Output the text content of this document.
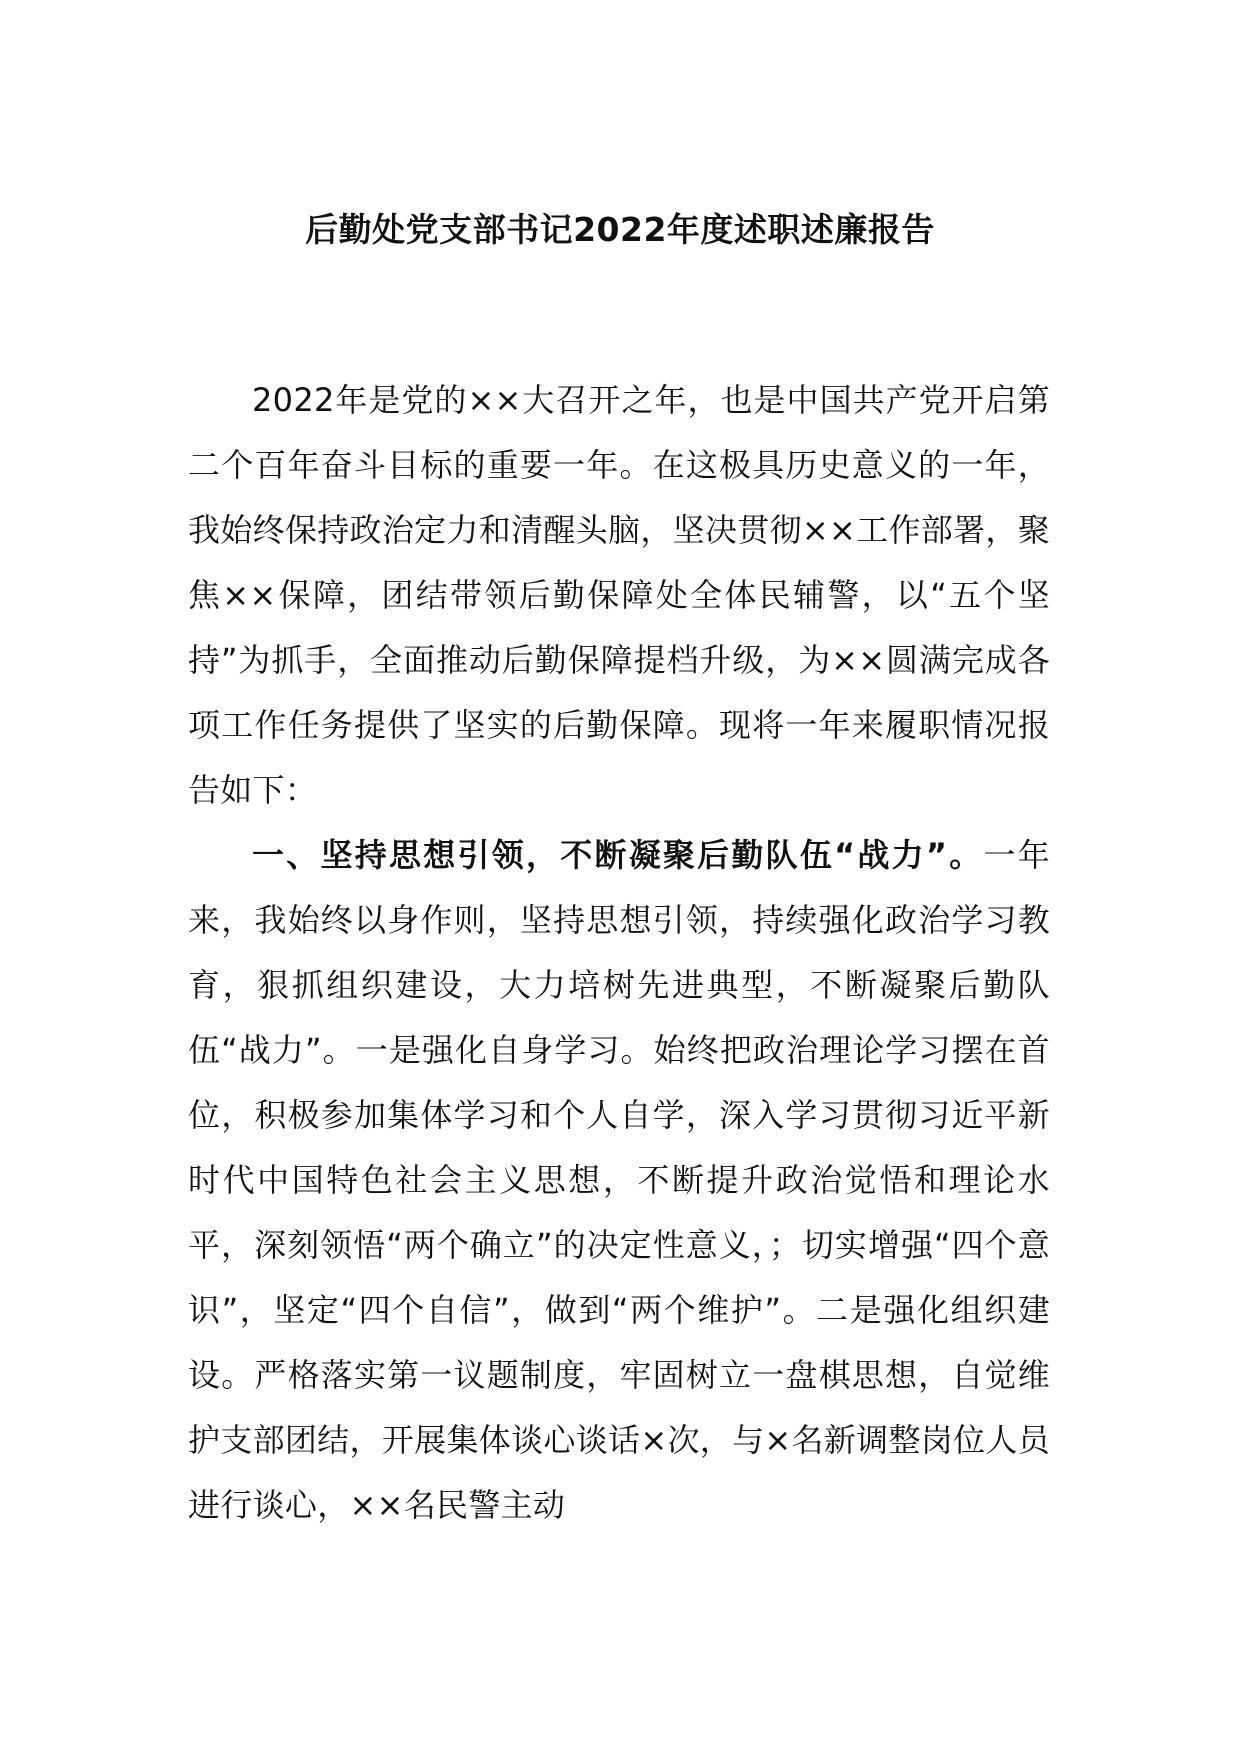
后勤处党支部书记2022年度述职述廉报告

2022年是党的××大召开之年，也是中国共产党开启第二个百年奋斗目标的重要一年。在这极具历史意义的一年，我始终保持政治定力和清醒头脑，坚决贯彻××工作部署，聚焦××保障，团结带领后勤保障处全体民辅警，以“五个坚持”为抓手，全面推动后勤保障提档升级，为××圆满完成各项工作任务提供了坚实的后勤保障。现将一年来履职情况报告如下：

一、坚持思想引领，不断凝聚后勤队伍“战力”。一年来，我始终以身作则，坚持思想引领，持续强化政治学习教育，狠抓组织建设，大力培树先进典型，不断凝聚后勤队伍“战力”。一是强化自身学习。始终把政治理论学习摆在首位，积极参加集体学习和个人自学，深入学习贯彻习近平新时代中国特色社会主义思想，不断提升政治觉悟和理论水平，深刻领悟“两个确立”的决定性意义，；切实增强“四个意识”，坚定“四个自信”，做到“两个维护”。二是强化组织建设。严格落实第一议题制度，牢固树立一盘棋思想，自觉维护支部团结，开展集体谈心谈话×次，与×名新调整岗位人员进行谈心，××名民警主动
